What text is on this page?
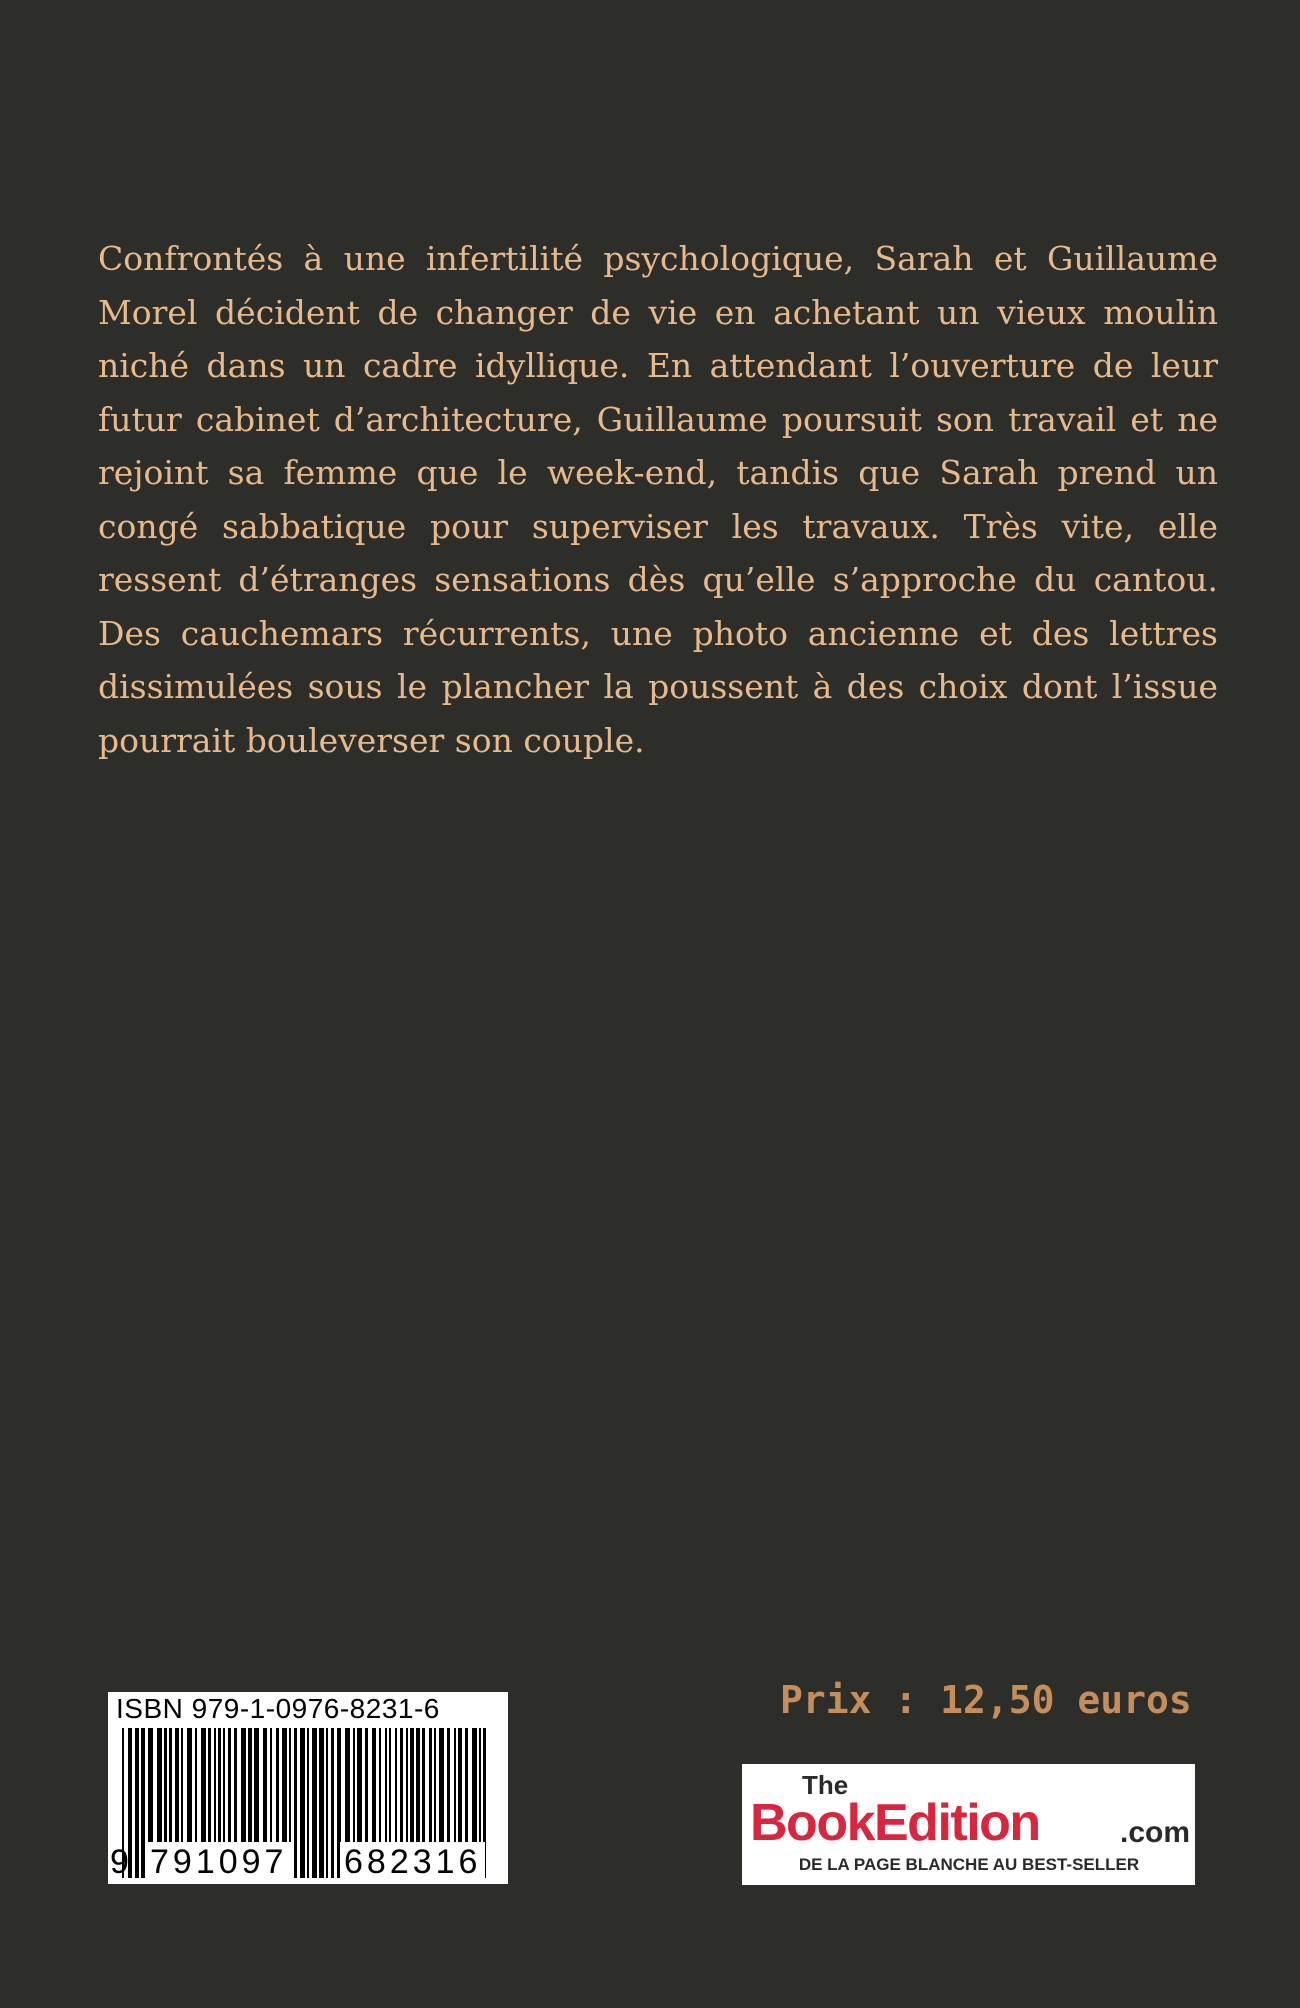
Confrontés à une infertilité psychologique, Sarah et Guillaume Morel décident de changer de vie en achetant un vieux moulin niché dans un cadre idyllique. En attendant l’ouverture de leur futur cabinet d’architecture, Guillaume poursuit son travail et ne rejoint sa femme que le week-end, tandis que Sarah prend un congé sabbatique pour superviser les travaux. Très vite, elle ressent d’étranges sensations dès qu’elle s’approche du cantou. Des cauchemars récurrents, une photo ancienne et des lettres dissimulées sous le plancher la poussent à des choix dont l’issue pourrait bouleverser son couple.

ISBN 979-1-0976-8231-6
9 791097 682316
Prix : 12,50 euros
The
BookEdition	.com
DE LA PAGE BLANCHE AU BEST-SELLER
